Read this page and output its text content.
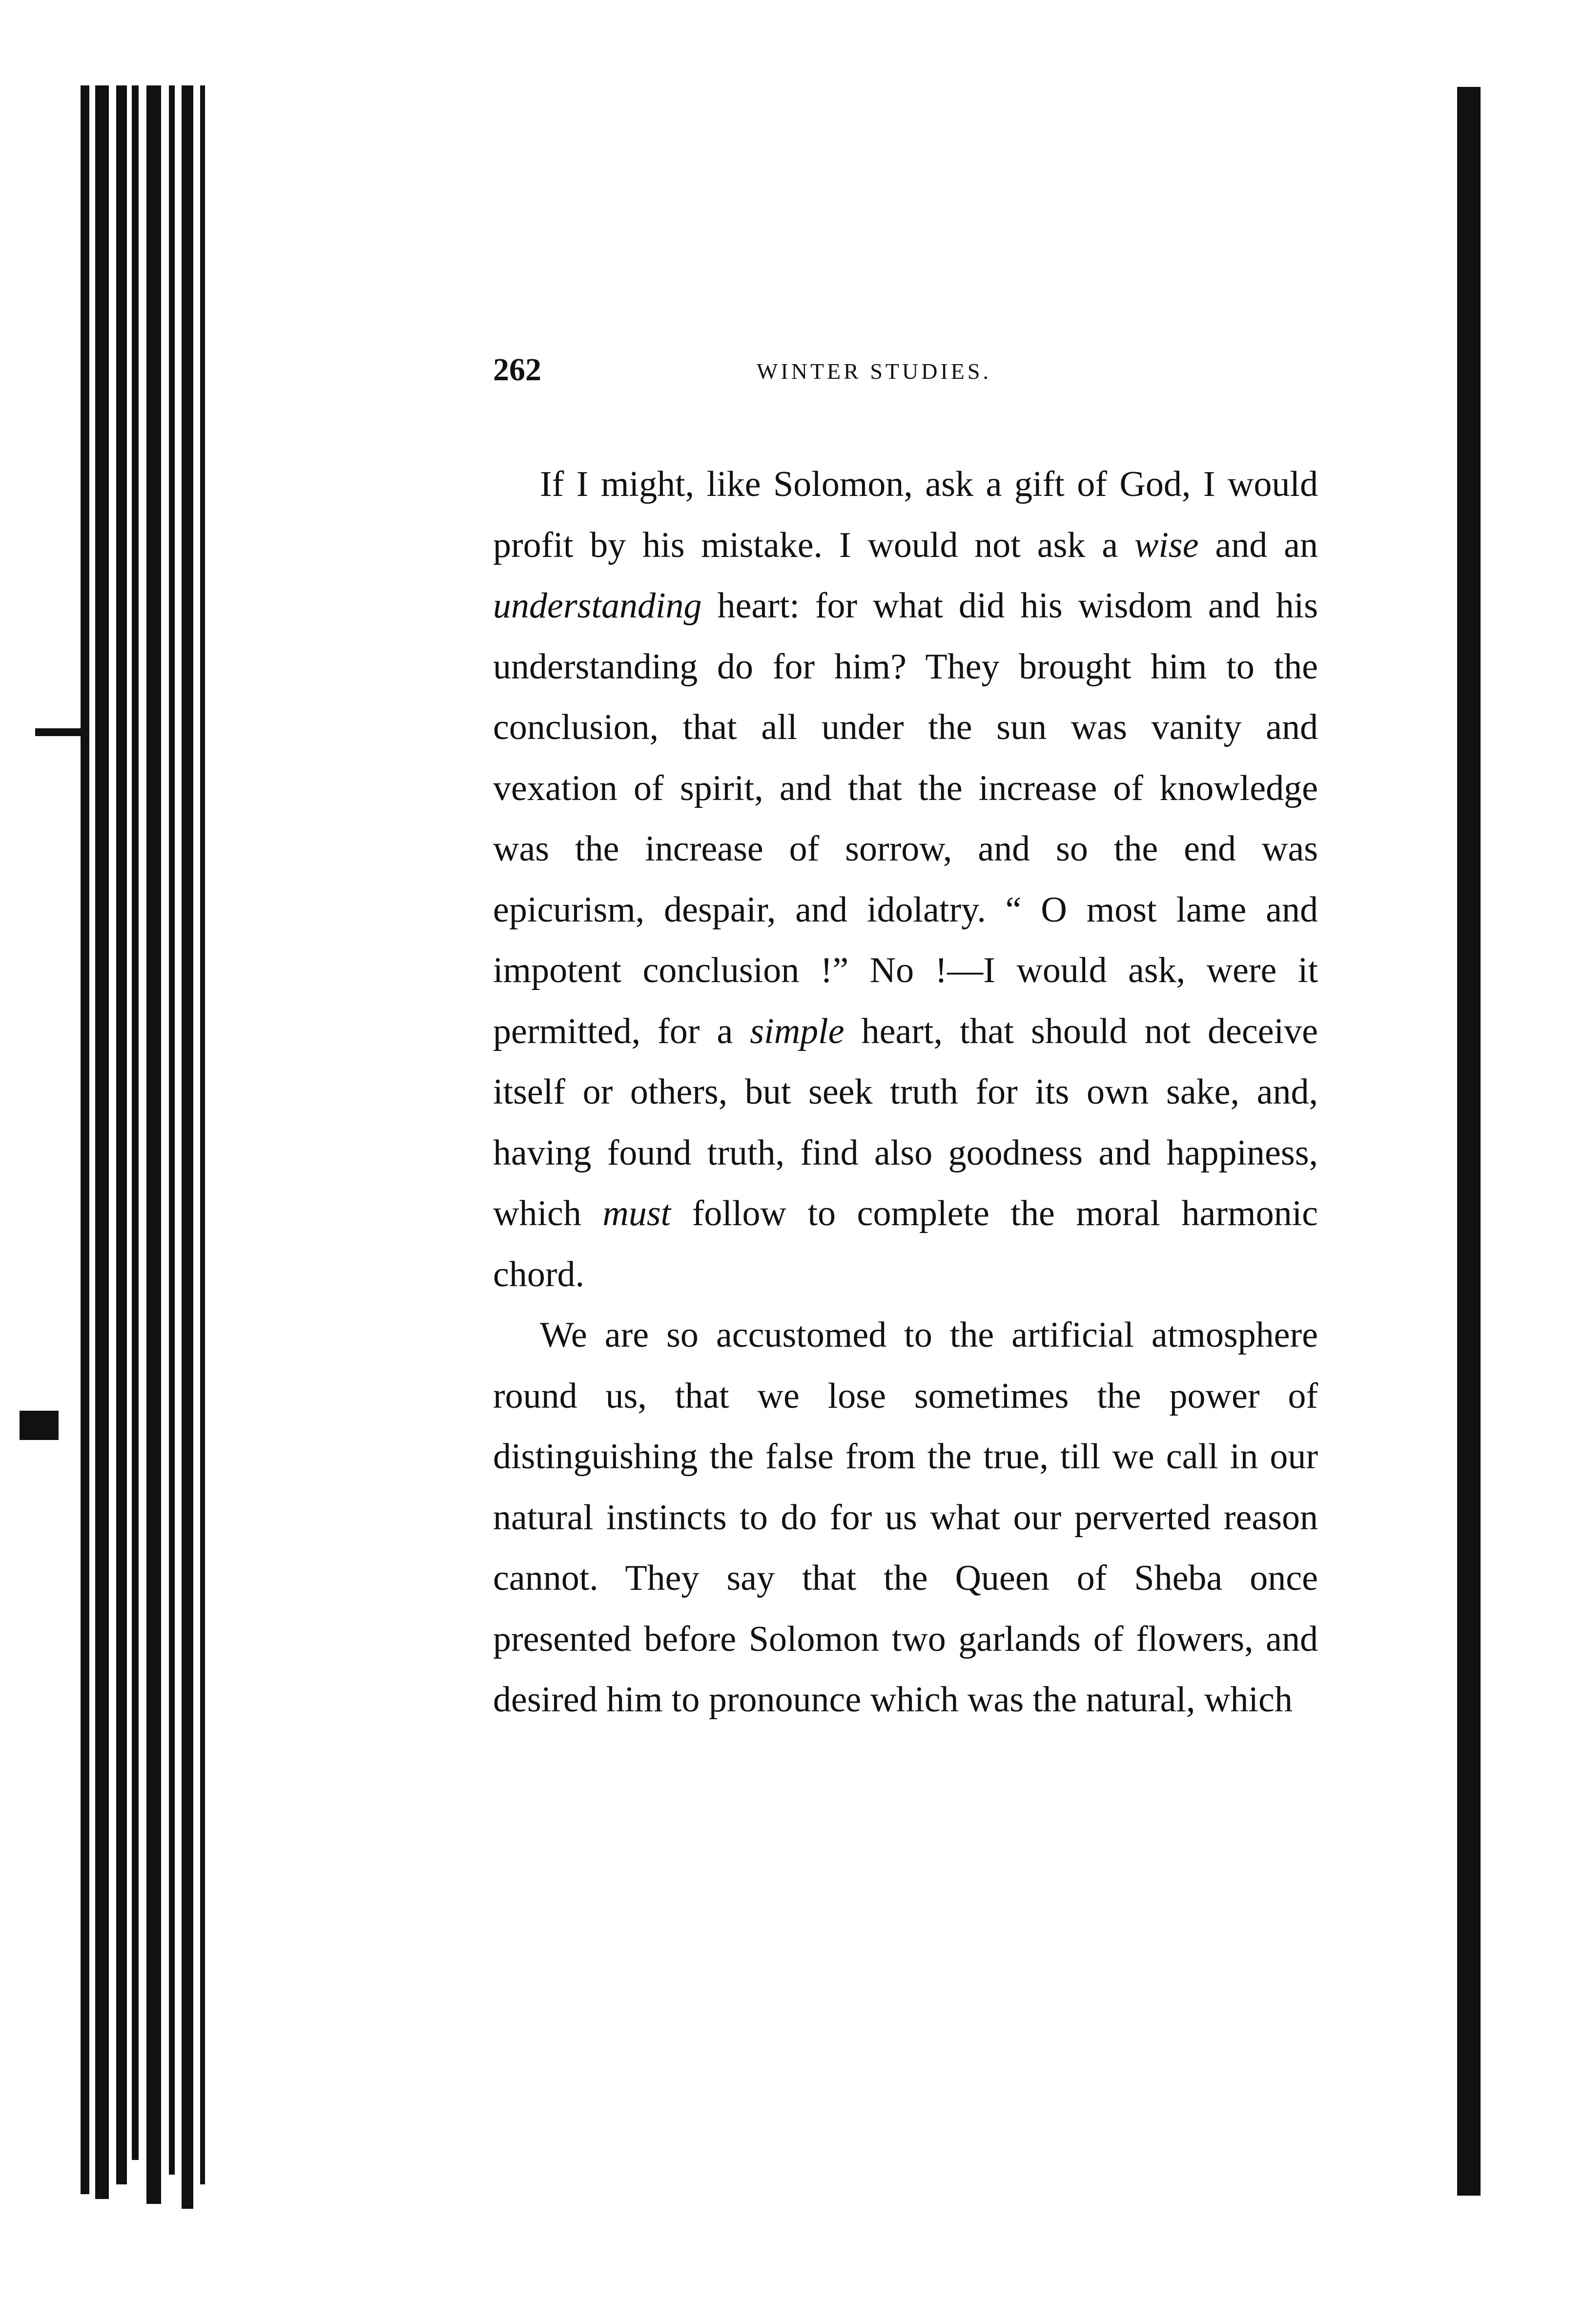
262	WINTER STUDIES.

If I might, like Solomon, ask a gift of God, I would profit by his mistake. I would not ask a wise and an understanding heart: for what did his wisdom and his understanding do for him? They brought him to the conclusion, that all under the sun was vanity and vexation of spirit, and that the increase of knowledge was the increase of sorrow, and so the end was epicurism, despair, and idolatry. “ O most lame and impotent conclusion !” No !—I would ask, were it permitted, for a simple heart, that should not deceive itself or others, but seek truth for its own sake, and, having found truth, find also goodness and happiness, which must follow to complete the moral harmonic chord.

We are so accustomed to the artificial atmosphere round us, that we lose sometimes the power of distinguishing the false from the true, till we call in our natural instincts to do for us what our perverted reason cannot. They say that the Queen of Sheba once presented before Solomon two garlands of flowers, and desired him to pronounce which was the natural, which
